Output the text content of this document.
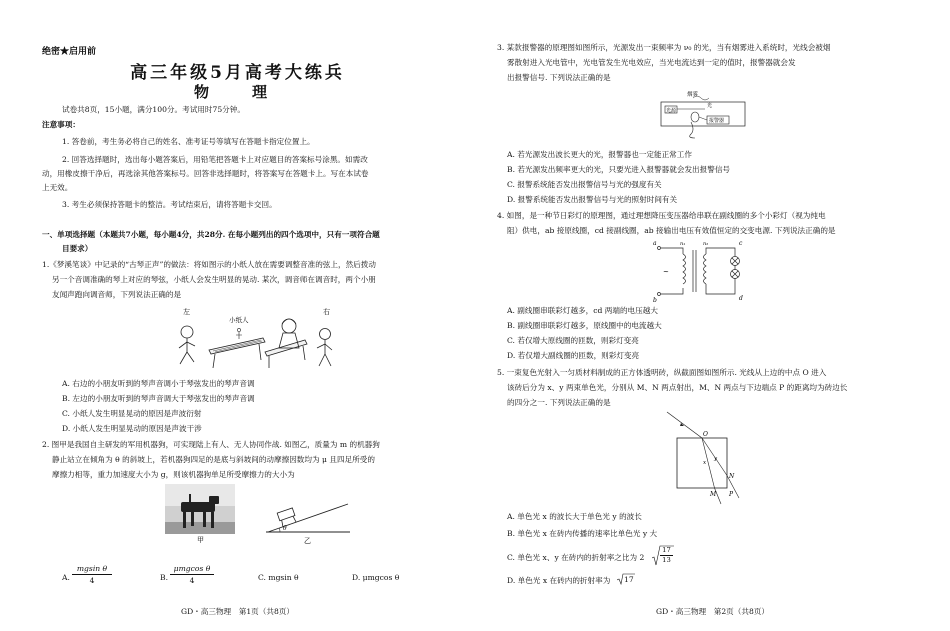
绝密★启用前
高三年级5月高考大练兵
物　理
试卷共8页，15小题，满分100分。考试用时75分钟。
注意事项：
1. 答卷前，考生务必将自己的姓名、准考证号等填写在答题卡指定位置上。
2. 回答选择题时，选出每小题答案后，用铅笔把答题卡上对应题目的答案标号涂黑。如需改
动，用橡皮擦干净后，再选涂其他答案标号。回答非选择题时，将答案写在答题卡上。写在本试卷
上无效。
3. 考生必须保持答题卡的整洁。考试结束后，请将答题卡交回。
一、单项选择题（本题共7小题，每小题4分，共28分. 在每小题列出的四个选项中，只有一项符合题
目要求）
1.《梦溪笔谈》中记录的“古琴正声”的做法：将如图示的小纸人放在需要调整音准的弦上，然后拨动
另一个音调准确的琴上对应的琴弦，小纸人会发生明显的晃动. 某次，调音师在调音时，两个小朋
友闻声跑向调音师，下列说法正确的是
左	右
小纸人
A. 右边的小朋友听到的琴声音调小于琴弦发出的琴声音调
B. 左边的小朋友听到的琴声音调大于琴弦发出的琴声音调
C. 小纸人发生明显晃动的原因是声波衍射
D. 小纸人发生明显晃动的原因是声波干涉
2. 图甲是我国自主研发的军用机器狗，可实现陆上有人、无人协同作战. 如图乙，质量为 m 的机器狗
静止站立在倾角为 θ 的斜坡上，若机器狗四足的是底与斜坡间的动摩擦因数均为 μ 且四足所受的
摩擦力相等，重力加速度大小为 g，则该机器狗单足所受摩擦力的大小为
甲
θ
乙
A. $\frac{\text{mgsin θ}}{4}$	B.
μmgcos θ
4	C. mgsin θ	D. μmgcos θ
GD・高三物理　第1页（共8页）
3. 某款报警器的原理图如图所示，光源发出一束频率为 ν₀ 的光，当有烟雾进入系统时，光线会被烟
雾散射进入光电管中，光电管发生光电效应，当光电流达到一定的值时，报警器就会发
出报警信号. 下列说法正确的是
烟雾
光源
光
报警器
A. 若光源发出波长更大的光，报警器也一定能正常工作
B. 若光源发出频率更大的光，只要光进入报警器就会发出报警信号
C. 报警系统能否发出报警信号与光的强度有关
D. 报警系统能否发出报警信号与光的照射时间有关
4. 如图，是一种节日彩灯的原理图，通过理想降压变压器给串联在副线圈的多个小彩灯（视为纯电
阻）供电，ab 接原线圈，cd 接副线圈，ab 接输出电压有效值恒定的交变电源. 下列说法正确的是
a
b
c
d
n₁	n₂
~
A. 副线圈串联彩灯越多，cd 两端的电压越大
B. 副线圈串联彩灯越多，原线圈中的电流越大
C. 若仅增大原线圈的匝数，则彩灯变亮
D. 若仅增大副线圈的匝数，则彩灯变亮
5. 一束复色光射入一匀质材料制成的正方体透明砖，纵截面图如图所示. 光线从上边的中点 O 进入
该砖后分为 x、y 两束单色光，分别从 M、N 两点射出，M、N 两点与下边端点 P 的距离均为砖边长
的四分之一. 下列说法正确的是
O
x
y
N
M P
A. 单色光 x 的波长大于单色光 y 的波长
B. 单色光 x 在砖内传播的速率比单色光 y 大
C. 单色光 x、y 在砖内的折射率之比为 $2 \frac{17}{13}$
D. 单色光 x 在砖内的折射率为 17
GD・高三物理　第2页（共8页）
